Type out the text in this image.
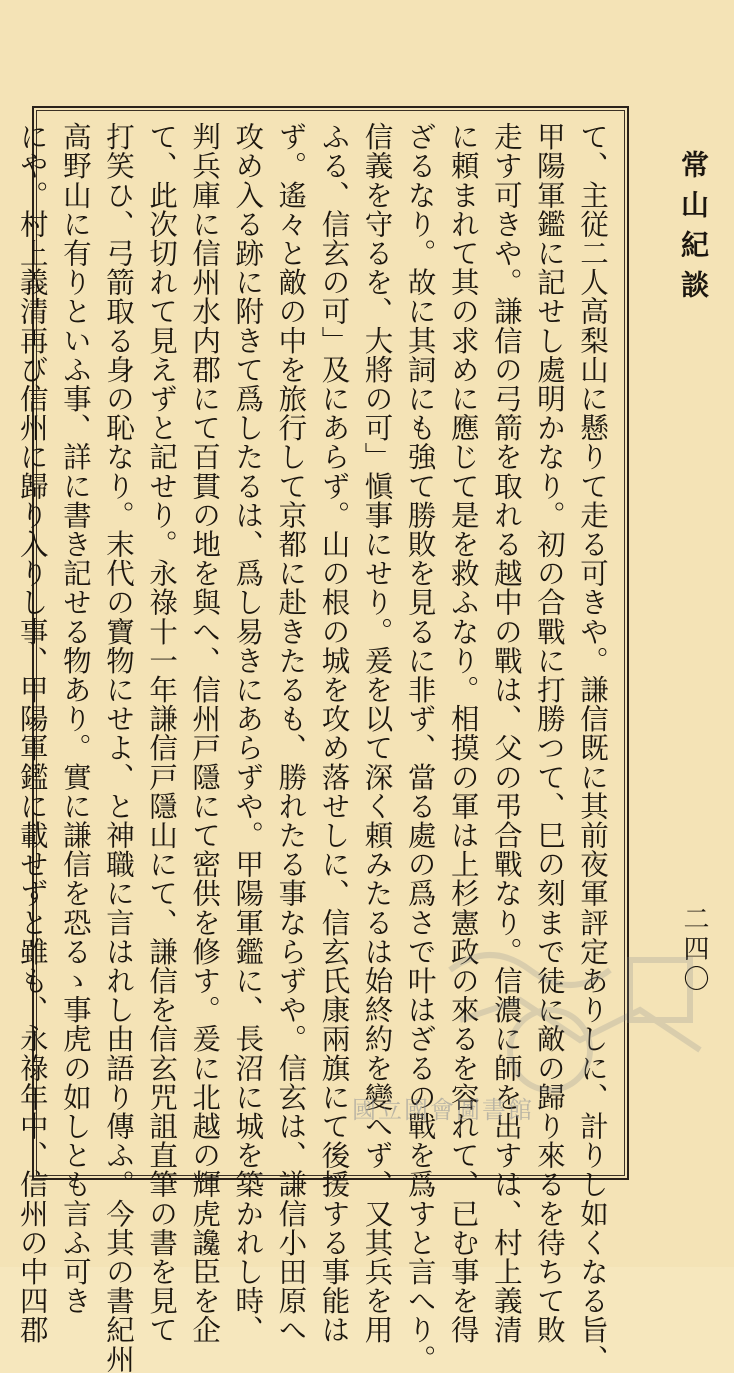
常山紀談
二四〇
て、主従二人高梨山に懸りて走る可きや。謙信既に其前夜軍評定ありしに、計りし如くなる旨、
甲陽軍鑑に記せし處明かなり。初の合戰に打勝つて、巳の刻まで徒に敵の歸り來るを待ちて敗
走す可きや。謙信の弓箭を取れる越中の戰は、父の弔合戰なり。信濃に師を出すは、村上義清
に頼まれて其の求めに應じて是を救ふなり。相摸の軍は上杉憲政の來るを容れて、已む事を得
ざるなり。故に其詞にも強て勝敗を見るに非ず、當る處の爲さで叶はざるの戰を爲すと言へり。
信義を守るを、大將の可」愼事にせり。爰を以て深く頼みたるは始終約を變へず、又其兵を用
ふる、信玄の可」及にあらず。山の根の城を攻め落せしに、信玄氏康兩旗にて後援する事能は
ず。遙々と敵の中を旅行して京都に赴きたるも、勝れたる事ならずや。信玄は、謙信小田原へ
攻め入る跡に附きて爲したるは、爲し易きにあらずや。甲陽軍鑑に、長沼に城を築かれし時、
判兵庫に信州水内郡にて百貫の地を與へ、信州戸隱にて密供を修す。爰に北越の輝虎讒臣を企
て、此次切れて見えずと記せり。永祿十一年謙信戸隱山にて、謙信を信玄咒詛直筆の書を見て
打笑ひ、弓箭取る身の恥なり。末代の寶物にせよ、と神職に言はれし由語り傳ふ。今其の書紀州
高野山に有りといふ事、詳に書き記せる物あり。實に謙信を恐るゝ事虎の如しとも言ふ可き
にや。村上義清再び信州に歸り入りし事、甲陽軍鑑に載せずと雖も、永祿年中、信州の中四郡	國立國會圖書館
